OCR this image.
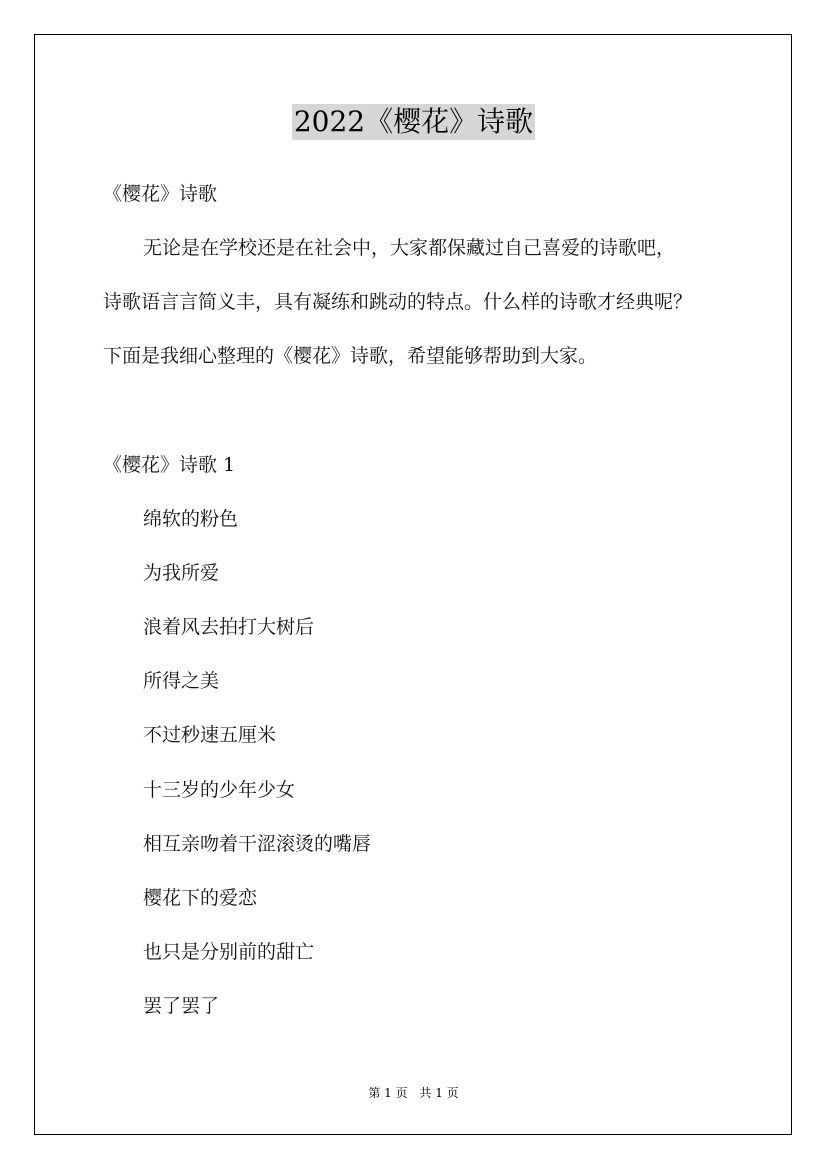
2022《樱花》诗歌
《樱花》诗歌
无论是在学校还是在社会中，大家都保藏过自己喜爱的诗歌吧，
诗歌语言言简义丰，具有凝练和跳动的特点。什么样的诗歌才经典呢？
下面是我细心整理的《樱花》诗歌，希望能够帮助到大家。
《樱花》诗歌 1
绵软的粉色
为我所爱
浪着风去拍打大树后
所得之美
不过秒速五厘米
十三岁的少年少女
相互亲吻着干涩滚烫的嘴唇
樱花下的爱恋
也只是分别前的甜亡
罢了罢了
第 1 页 共 1 页
